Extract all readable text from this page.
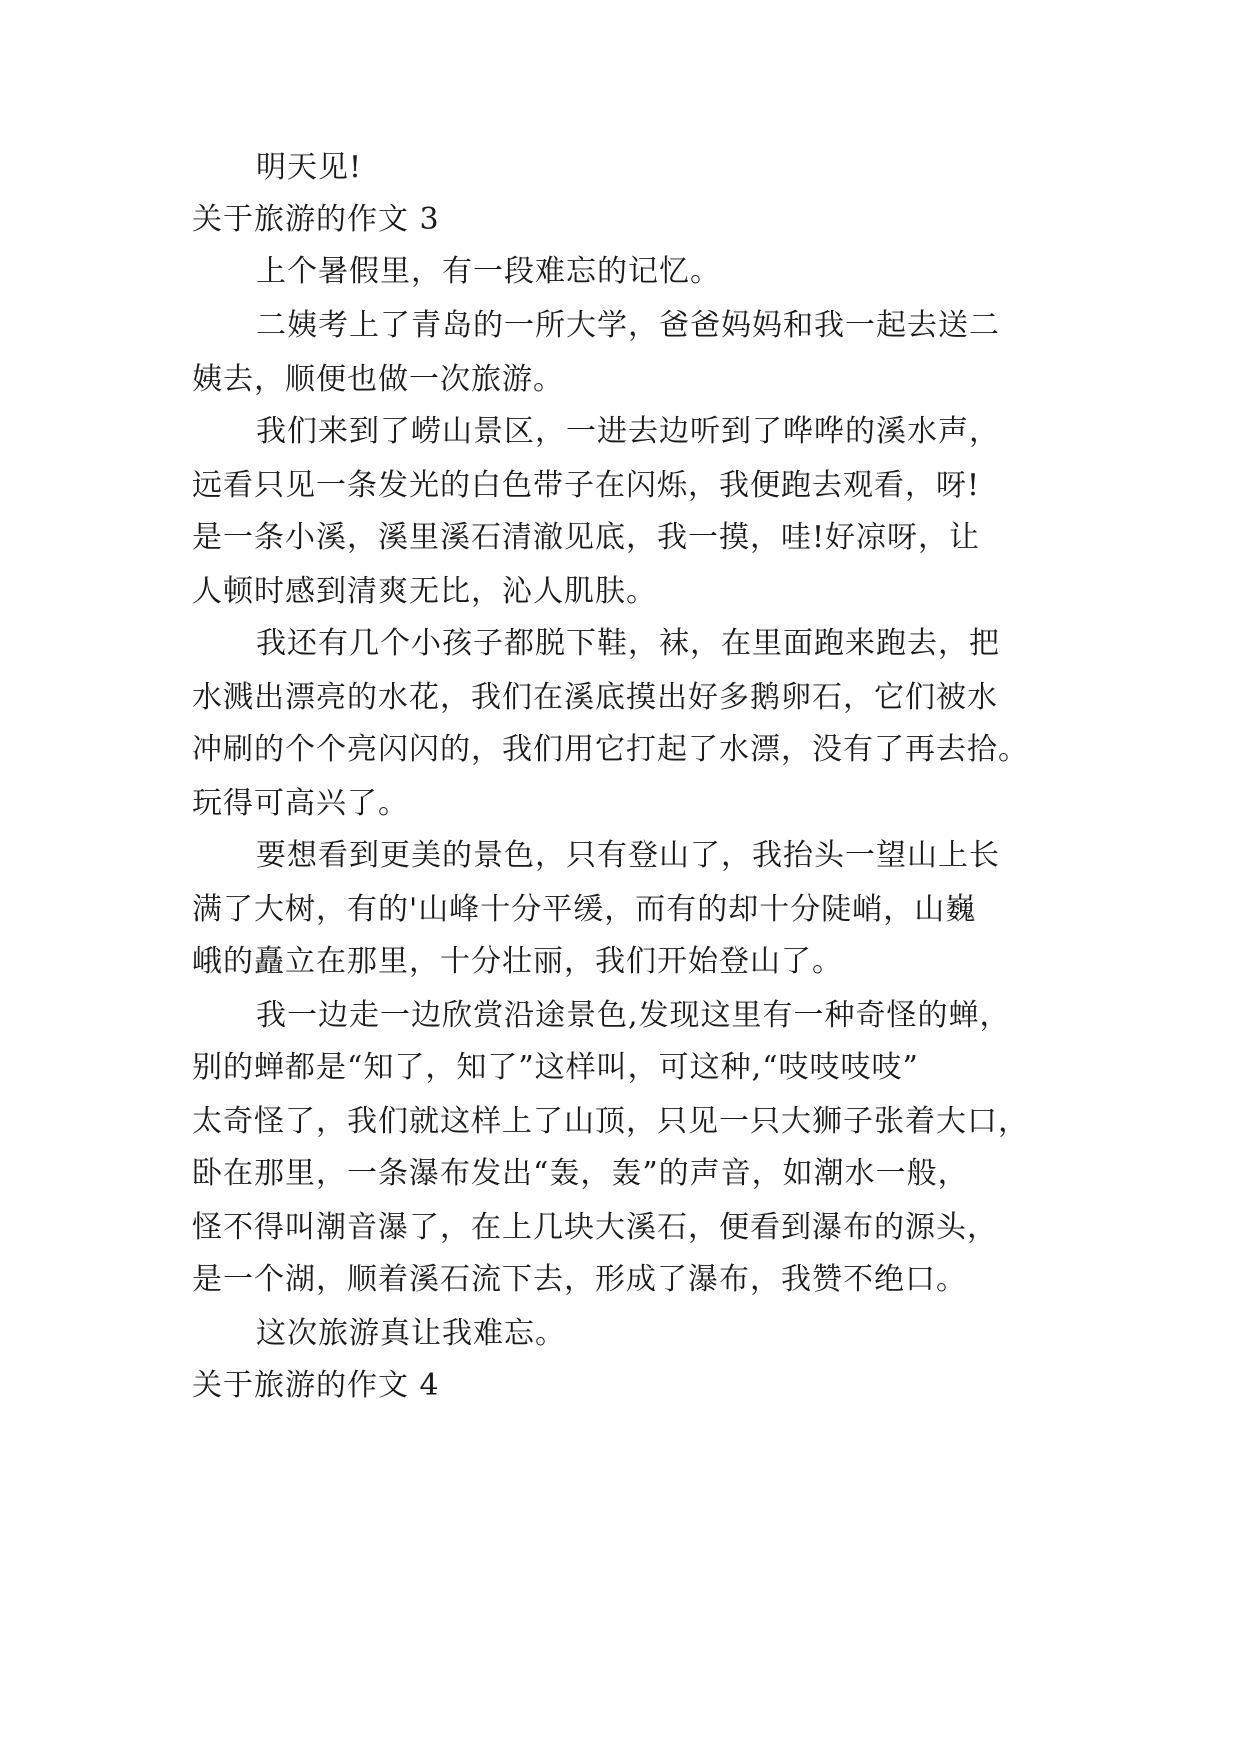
明天见!
关于旅游的作文 3
上个暑假里，有一段难忘的记忆。
二姨考上了青岛的一所大学，爸爸妈妈和我一起去送二
姨去，顺便也做一次旅游。
我们来到了崂山景区，一进去边听到了哗哗的溪水声，
远看只见一条发光的白色带子在闪烁，我便跑去观看，呀!
是一条小溪，溪里溪石清澈见底，我一摸，哇!好凉呀，让
人顿时感到清爽无比，沁人肌肤。
我还有几个小孩子都脱下鞋，袜，在里面跑来跑去，把
水溅出漂亮的水花，我们在溪底摸出好多鹅卵石，它们被水
冲刷的个个亮闪闪的，我们用它打起了水漂，没有了再去拾。
玩得可高兴了。
要想看到更美的景色，只有登山了，我抬头一望山上长
满了大树，有的'山峰十分平缓，而有的却十分陡峭，山巍
峨的矗立在那里，十分壮丽，我们开始登山了。
我一边走一边欣赏沿途景色,发现这里有一种奇怪的蝉，
别的蝉都是“知了，知了”这样叫，可这种,“吱吱吱吱”
太奇怪了，我们就这样上了山顶，只见一只大狮子张着大口，
卧在那里，一条瀑布发出“轰，轰”的声音，如潮水一般，
怪不得叫潮音瀑了，在上几块大溪石，便看到瀑布的源头，
是一个湖，顺着溪石流下去，形成了瀑布，我赞不绝口。
这次旅游真让我难忘。
关于旅游的作文 4
